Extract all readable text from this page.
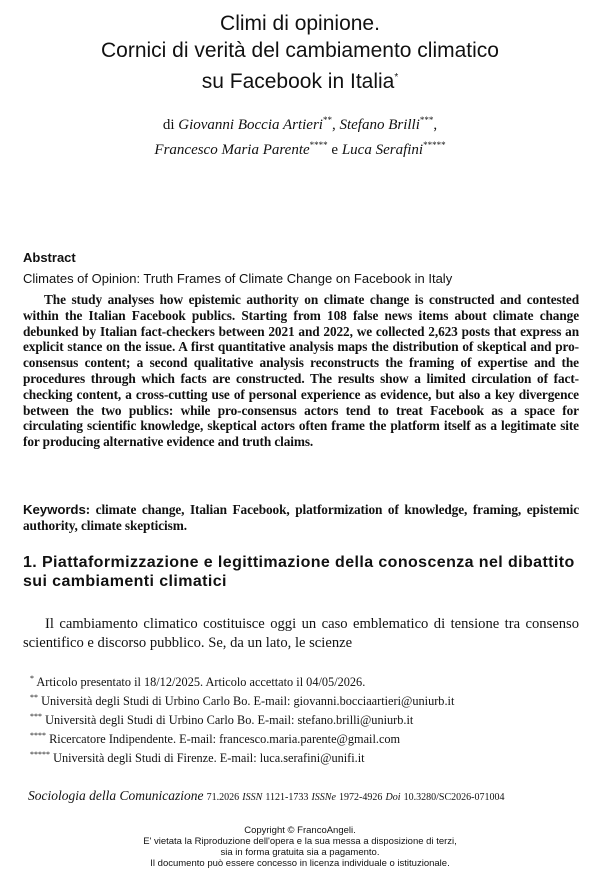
Climi di opinione.
Cornici di verità del cambiamento climatico
su Facebook in Italia*
di Giovanni Boccia Artieri**, Stefano Brilli***,
Francesco Maria Parente**** e Luca Serafini*****
Abstract
Climates of Opinion: Truth Frames of Climate Change on Facebook in Italy
The study analyses how epistemic authority on climate change is constructed and contested within the Italian Facebook publics. Starting from 108 false news items about climate change debunked by Italian fact-checkers between 2021 and 2022, we collected 2,623 posts that express an explicit stance on the issue. A first quantitative analysis maps the distribution of skeptical and pro-consensus content; a second qualitative analysis reconstructs the framing of expertise and the procedures through which facts are constructed. The results show a limited circulation of fact-checking content, a cross-cutting use of personal experience as evidence, but also a key divergence between the two publics: while pro-consensus actors tend to treat Facebook as a space for circulating scientific knowledge, skeptical actors often frame the platform itself as a legitimate site for producing alternative evidence and truth claims.
Keywords: climate change, Italian Facebook, platformization of knowledge, framing, epistemic authority, climate skepticism.
1. Piattaformizzazione e legittimazione della conoscenza nel dibattito sui cambiamenti climatici
Il cambiamento climatico costituisce oggi un caso emblematico di tensione tra consenso scientifico e discorso pubblico. Se, da un lato, le scienze
* Articolo presentato il 18/12/2025. Articolo accettato il 04/05/2026.
** Università degli Studi di Urbino Carlo Bo. E-mail: giovanni.bocciaartieri@uniurb.it
*** Università degli Studi di Urbino Carlo Bo. E-mail: stefano.brilli@uniurb.it
**** Ricercatore Indipendente. E-mail: francesco.maria.parente@gmail.com
***** Università degli Studi di Firenze. E-mail: luca.serafini@unifi.it
Sociologia della Comunicazione 71.2026 ISSN 1121-1733 ISSNe 1972-4926 Doi 10.3280/SC2026-071004
Copyright © FrancoAngeli.
E' vietata la Riproduzione dell'opera e la sua messa a disposizione di terzi,
sia in forma gratuita sia a pagamento.
Il documento può essere concesso in licenza individuale o istituzionale.
